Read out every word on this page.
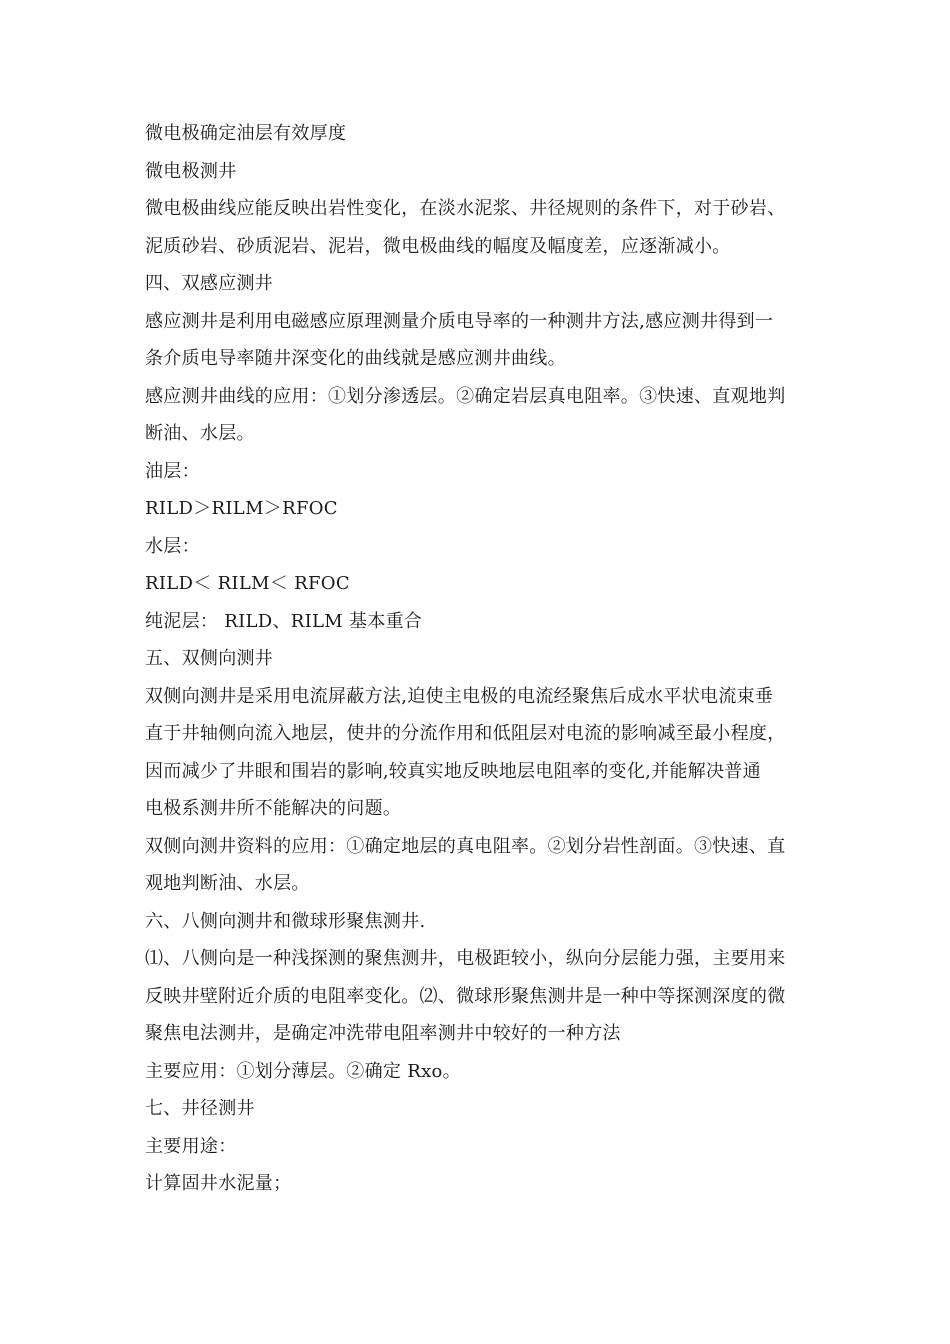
微电极确定油层有效厚度
微电极测井
微电极曲线应能反映出岩性变化，在淡水泥浆、井径规则的条件下，对于砂岩、
泥质砂岩、砂质泥岩、泥岩，微电极曲线的幅度及幅度差，应逐渐减小。
四、双感应测井
感应测井是利用电磁感应原理测量介质电导率的一种测井方法,感应测井得到一
条介质电导率随井深变化的曲线就是感应测井曲线。
感应测井曲线的应用：①划分渗透层。②确定岩层真电阻率。③快速、直观地判
断油、水层。
油层：
RILD＞RILM＞RFOC
水层：
RILD＜ RILM＜ RFOC
纯泥层： RILD、RILM 基本重合
五、双侧向测井
双侧向测井是采用电流屏蔽方法,迫使主电极的电流经聚焦后成水平状电流束垂
直于井轴侧向流入地层，使井的分流作用和低阻层对电流的影响减至最小程度，
因而减少了井眼和围岩的影响,较真实地反映地层电阻率的变化,并能解决普通
电极系测井所不能解决的问题。
双侧向测井资料的应用：①确定地层的真电阻率。②划分岩性剖面。③快速、直
观地判断油、水层。
六、八侧向测井和微球形聚焦测井.
⑴、八侧向是一种浅探测的聚焦测井，电极距较小，纵向分层能力强，主要用来
反映井壁附近介质的电阻率变化。⑵、微球形聚焦测井是一种中等探测深度的微
聚焦电法测井，是确定冲洗带电阻率测井中较好的一种方法
主要应用：①划分薄层。②确定 Rxo。
七、井径测井
主要用途：
计算固井水泥量；
